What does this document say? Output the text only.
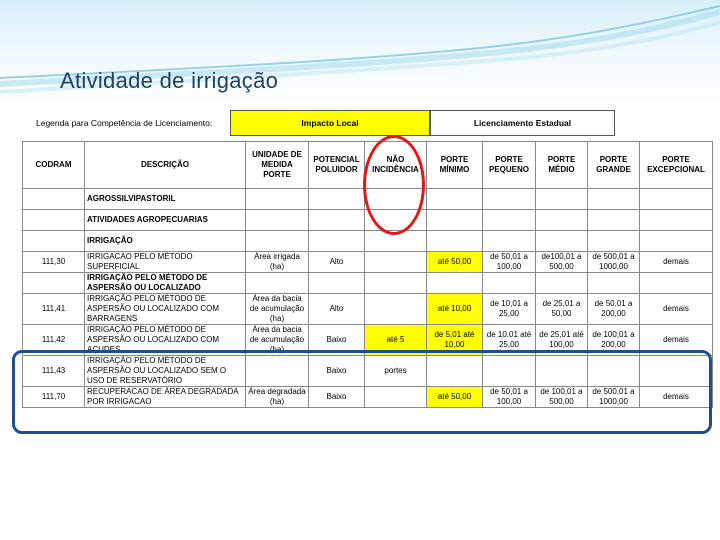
Atividade de irrigação
Legenda para Competência de Licenciamento:	Impacto Local	Licenciamento Estadual
CODRAM	DESCRIÇÃO	UNIDADE DE MEDIDA PORTE	POTENCIAL POLUIDOR	NÃO INCIDÊNCIA	PORTE MÍNIMO	PORTE PEQUENO	PORTE MÉDIO	PORTE GRANDE	PORTE EXCEPCIONAL
	AGROSSILVIPASTORIL								
	ATIVIDADES AGROPECUARIAS								
	IRRIGAÇÃO								
111,30	IRRIGACAO PELO MÉTODO SUPERFICIAL	Área irrigada (ha)	Alto		até 50,00	de 50,01 a 100,00	de100,01 a 500,00	de 500,01 a 1000,00	demais
	IRRIGAÇÃO PELO MÉTODO DE ASPERSÃO OU LOCALIZADO								
111,41	IRRIGAÇÃO PELO MÉTODO DE ASPERSÃO OU LOCALIZADO COM BARRAGENS	Área da bacia de acumulação (ha)	Alto		até 10,00	de 10,01 a 25,00	de 25,01 a 50,00	de 50,01 a 200,00	demais
111,42	IRRIGAÇÃO PELO MÉTODO DE ASPERSÃO OU LOCALIZADO COM AÇUDES	Área da bacia de acumulação (ha)	Baixo	até 5	de 5,01 até 10,00	de 10.01 até 25,00	de 25,01 até 100,00	de 100,01 a 200,00	demais
111,43	IRRIGAÇÃO PELO MÉTODO DE ASPERSÃO OU LOCALIZADO SEM O USO DE RESERVATÓRIO		Baixo	portes					
111,70	RECUPERACAO DE ÁREA DEGRADADA POR IRRIGACAO	Área degradada (ha)	Baixo		até 50,00	de 50,01 a 100,00	de 100,01 a 500,00	de 500,01 a 1000,00	demais
